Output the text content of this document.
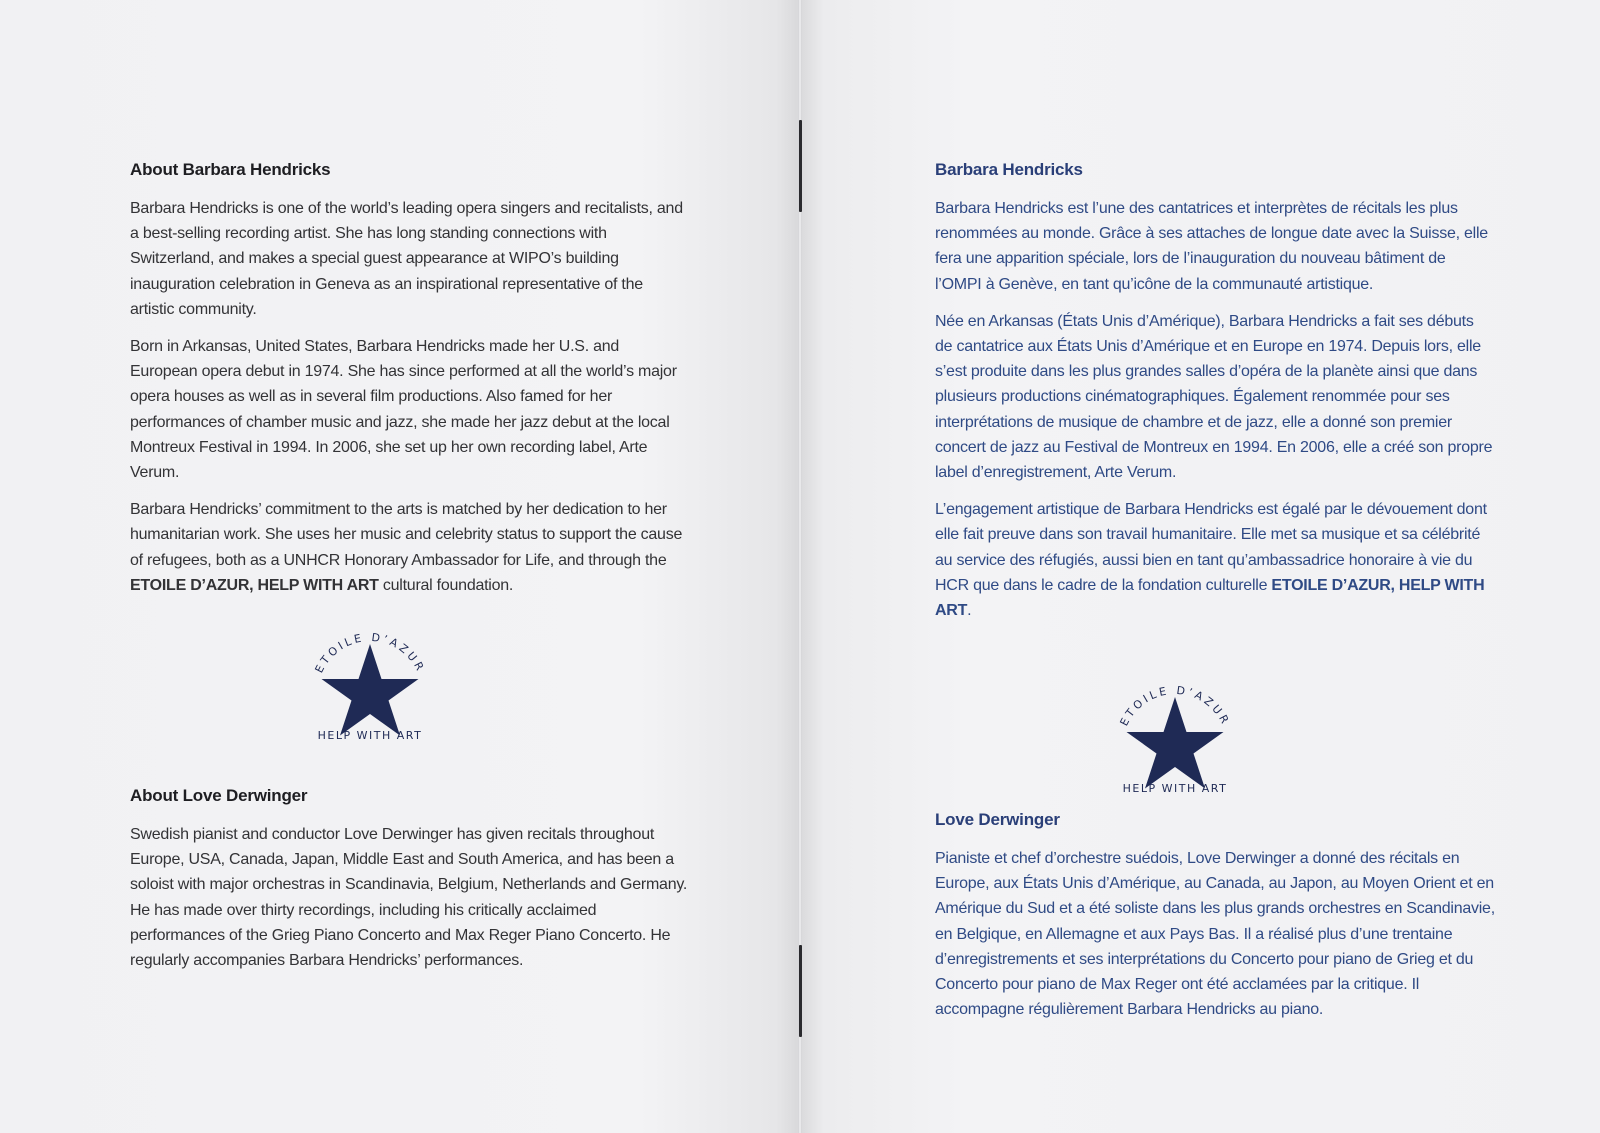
About Barbara Hendricks

Barbara Hendricks is one of the world’s leading opera singers and recitalists, and a best-selling recording artist. She has long standing connections with Switzerland, and makes a special guest appearance at WIPO’s building inauguration celebration in Geneva as an inspirational representative of the artistic community.

Born in Arkansas, United States, Barbara Hendricks made her U.S. and European opera debut in 1974. She has since performed at all the world’s major opera houses as well as in several film productions. Also famed for her performances of chamber music and jazz, she made her jazz debut at the local Montreux Festival in 1994. In 2006, she set up her own recording label, Arte Verum.

Barbara Hendricks’ commitment to the arts is matched by her dedication to her humanitarian work. She uses her music and celebrity status to support the cause of refugees, both as a UNHCR Honorary Ambassador for Life, and through the ETOILE D’AZUR, HELP WITH ART cultural foundation.

ETOILE D’AZUR
HELP WITH ART
About Love Derwinger

Swedish pianist and conductor Love Derwinger has given recitals throughout Europe, USA, Canada, Japan, Middle East and South America, and has been a soloist with major orchestras in Scandinavia, Belgium, Netherlands and Germany. He has made over thirty recordings, including his critically acclaimed performances of the Grieg Piano Concerto and Max Reger Piano Concerto. He regularly accompanies Barbara Hendricks’ performances.

Barbara Hendricks

Barbara Hendricks est l’une des cantatrices et interprètes de récitals les plus renommées au monde. Grâce à ses attaches de longue date avec la Suisse, elle fera une apparition spéciale, lors de l’inauguration du nouveau bâtiment de l’OMPI à Genève, en tant qu’icône de la communauté artistique.

Née en Arkansas (États Unis d’Amérique), Barbara Hendricks a fait ses débuts de cantatrice aux États Unis d’Amérique et en Europe en 1974. Depuis lors, elle s’est produite dans les plus grandes salles d’opéra de la planète ainsi que dans plusieurs productions cinématographiques. Également renommée pour ses interprétations de musique de chambre et de jazz, elle a donné son premier concert de jazz au Festival de Montreux en 1994. En 2006, elle a créé son propre label d’enregistrement, Arte Verum.

L’engagement artistique de Barbara Hendricks est égalé par le dévouement dont elle fait preuve dans son travail humanitaire. Elle met sa musique et sa célébrité au service des réfugiés, aussi bien en tant qu’ambassadrice honoraire à vie du HCR que dans le cadre de la fondation culturelle ETOILE D’AZUR, HELP WITH ART.

ETOILE D’AZUR
HELP WITH ART
Love Derwinger

Pianiste et chef d’orchestre suédois, Love Derwinger a donné des récitals en Europe, aux États Unis d’Amérique, au Canada, au Japon, au Moyen Orient et en Amérique du Sud et a été soliste dans les plus grands orchestres en Scandinavie, en Belgique, en Allemagne et aux Pays Bas. Il a réalisé plus d’une trentaine d’enregistrements et ses interprétations du Concerto pour piano de Grieg et du Concerto pour piano de Max Reger ont été acclamées par la critique. Il accompagne régulièrement Barbara Hendricks au piano.
